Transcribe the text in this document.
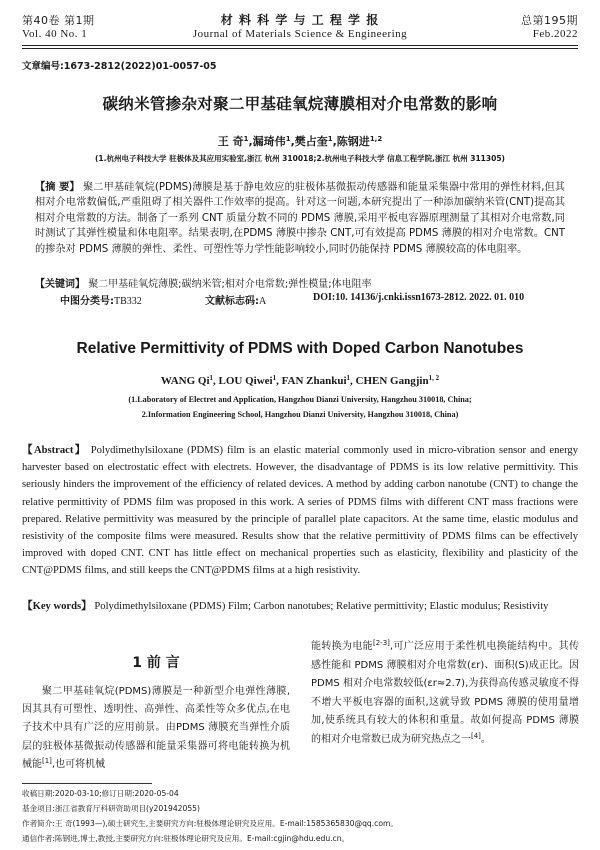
第40卷 第1期	材 料 科 学 与 工 程 学 报	总第195期
Vol. 40 No. 1	Journal of Materials Science & Engineering	Feb.2022
文章编号:1673-2812(2022)01-0057-05
碳纳米管掺杂对聚二甲基硅氧烷薄膜相对介电常数的影响
王 奇$^1$,漏琦伟$^1$,樊占奎$^1$,陈钢进$^{1,2}$
(1.杭州电子科技大学 驻极体及其应用实验室,浙江 杭州 310018;2.杭州电子科技大学 信息工程学院,浙江 杭州 311305)
【摘 要】 聚二甲基硅氧烷(PDMS)薄膜是基于静电效应的驻极体基微振动传感器和能量采集器中常用的弹性材料,但其相对介电常数偏低,严重阻碍了相关器件工作效率的提高。针对这一问题,本研究提出了一种添加碳纳米管(CNT)提高其相对介电常数的方法。制备了一系列 CNT 质量分数不同的 PDMS 薄膜,采用平板电容器原理测量了其相对介电常数,同时测试了其弹性模量和体电阻率。结果表明,在PDMS 薄膜中掺杂 CNT,可有效提高 PDMS 薄膜的相对介电常数。CNT 的掺杂对 PDMS 薄膜的弹性、柔性、可塑性等力学性能影响较小,同时仍能保持 PDMS 薄膜较高的体电阻率。
【关键词】 聚二甲基硅氧烷薄膜;碳纳米管;相对介电常数;弹性模量;体电阻率
中图分类号:TB332	文献标志码:A	DOI:10. 14136/j.cnki.issn1673-2812. 2022. 01. 010
Relative Permittivity of PDMS with Doped Carbon Nanotubes
WANG Qi$^1$, LOU Qiwei$^1$, FAN Zhankui$^1$, CHEN Gangjin$^{1, 2}$
(1.Laboratory of Electret and Application, Hangzhou Dianzi University, Hangzhou 310018, China;
2.Information Engineering School, Hangzhou Dianzi University, Hangzhou 310018, China)
【Abstract】 Polydimethylsiloxane (PDMS) film is an elastic material commonly used in micro-vibration sensor and energy harvester based on electrostatic effect with electrets. However, the disadvantage of PDMS is its low relative permittivity. This seriously hinders the improvement of the efficiency of related devices. A method by adding carbon nanotube (CNT) to change the relative permittivity of PDMS film was proposed in this work. A series of PDMS films with different CNT mass fractions were prepared. Relative permittivity was measured by the principle of parallel plate capacitors. At the same time, elastic modulus and resistivity of the composite films were measured. Results show that the relative permittivity of PDMS films can be effectively improved with doped CNT. CNT has little effect on mechanical properties such as elasticity, flexibility and plasticity of the CNT@PDMS films, and still keeps the CNT@PDMS films at a high resistivity.
【Key words】 Polydimethylsiloxane (PDMS) Film; Carbon nanotubes; Relative permittivity; Elastic modulus; Resistivity
1 前 言
聚二甲基硅氧烷(PDMS)薄膜是一种新型介电弹性薄膜,因其具有可塑性、透明性、高弹性、高柔性等众多优点,在电子技术中具有广泛的应用前景。由PDMS 薄膜充当弹性介质层的驻极体基微振动传感器和能量采集器可将电能转换为机械能[1],也可将机械
能转换为电能[2-3],可广泛应用于柔性机电换能结构中。其传感性能和 PDMS 薄膜相对介电常数(εr)、面积(S)成正比。因 PDMS 相对介电常数较低(εr≈2.7),为获得高传感灵敏度不得不增大平板电容器的面积,这就导致 PDMS 薄膜的使用量增加,使系统具有较大的体积和重量。故如何提高 PDMS 薄膜的相对介电常数已成为研究热点之一[4]。
收稿日期:2020-03-10;修订日期:2020-05-04
基金项目:浙江省教育厅科研资助项目(y201942055)
作者简介:王 奇(1993—),硕士研究生,主要研究方向:驻极体理论研究及应用。E-mail:1585365830@qq.com。
通信作者:陈钢进,博士,教授,主要研究方向:驻极体理论研究及应用。E-mail:cgjin@hdu.edu.cn。
